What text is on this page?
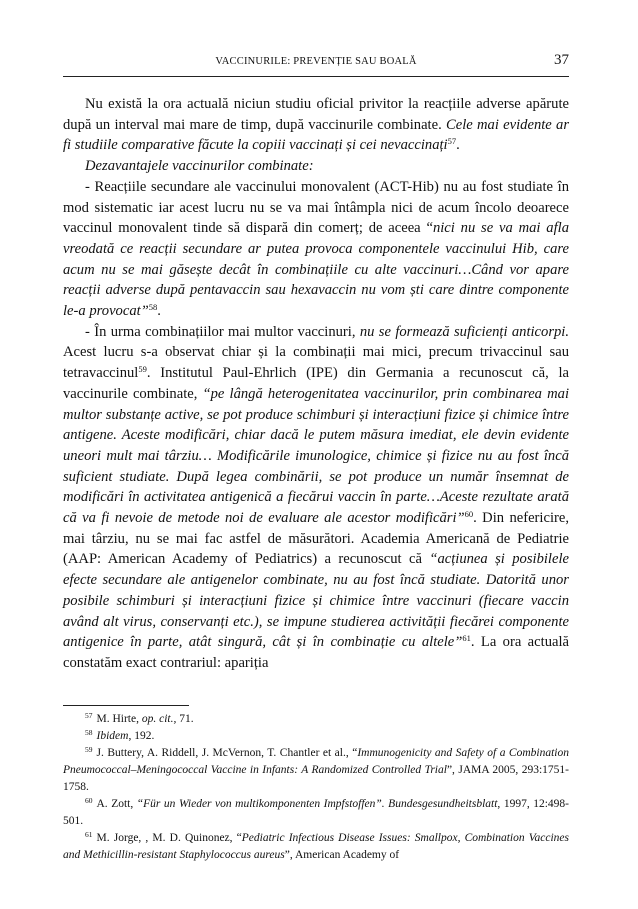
VACCINURILE: PREVENȚIE SAU BOALĂ	37

Nu există la ora actuală niciun studiu oficial privitor la reacțiile adverse apărute după un interval mai mare de timp, după vaccinurile combinate. Cele mai evidente ar fi studiile comparative făcute la copiii vaccinați și cei nevaccinați$^{57}$.

Dezavantajele vaccinurilor combinate:

- Reacțiile secundare ale vaccinului monovalent (ACT-Hib) nu au fost studiate în mod sistematic iar acest lucru nu se va mai întâmpla nici de acum încolo deoarece vaccinul monovalent tinde să dispară din comerț; de aceea “nici nu se va mai afla vreodată ce reacții secundare ar putea provoca componentele vaccinului Hib, care acum nu se mai găsește decât în combinațiile cu alte vaccinuri…Când vor apare reacții adverse după pentavaccin sau hexavaccin nu vom ști care dintre componente le-a provocat”$^{58}$.

- În urma combinațiilor mai multor vaccinuri, nu se formează suficienți anticorpi. Acest lucru s-a observat chiar și la combinații mai mici, precum trivaccinul sau tetravaccinul$^{59}$. Institutul Paul-Ehrlich (IPE) din Germania a recunoscut că, la vaccinurile combinate, “pe lângă heterogenitatea vaccinurilor, prin combinarea mai multor substanțe active, se pot produce schimburi și interacțiuni fizice și chimice între antigene. Aceste modificări, chiar dacă le putem măsura imediat, ele devin evidente uneori mult mai târziu… Modificările imunologice, chimice și fizice nu au fost încă suficient studiate. După legea combinării, se pot produce un număr însemnat de modificări în activitatea antigenică a fiecărui vaccin în parte…Aceste rezultate arată că va fi nevoie de metode noi de evaluare ale acestor modificări”$^{60}$. Din nefericire, mai târziu, nu se mai fac astfel de măsurători. Academia Americană de Pediatrie (AAP: American Academy of Pediatrics) a recunoscut că “acțiunea și posibilele efecte secundare ale antigenelor combinate, nu au fost încă studiate. Datorită unor posibile schimburi și interacțiuni fizice și chimice între vaccinuri (fiecare vaccin având alt virus, conservanți etc.), se impune studierea activității fiecărei componente antigenice în parte, atât singură, cât și în combinație cu altele”$^{61}$. La ora actuală constatăm exact contrariul: apariția

$^{57}$ M. Hirte, op. cit., 71.

$^{58}$ Ibidem, 192.

$^{59}$ J. Buttery, A. Riddell, J. McVernon, T. Chantler et al., “Immunogenicity and Safety of a Combination Pneumococcal–Meningococcal Vaccine in Infants: A Randomized Controlled Trial”, JAMA 2005, 293:1751-1758.

$^{60}$ A. Zott, “Für un Wieder von multikomponenten Impfstoffen”. Bundesgesundheitsblatt, 1997, 12:498-501.

$^{61}$ M. Jorge, , M. D. Quinonez, “Pediatric Infectious Disease Issues: Smallpox, Combination Vaccines and Methicillin-resistant Staphylococcus aureus”, American Academy of
